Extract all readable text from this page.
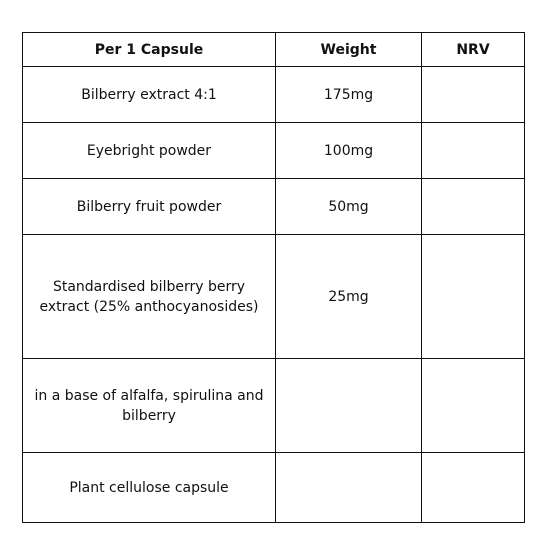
Per 1 Capsule	Weight	NRV
Bilberry extract 4:1	175mg	
Eyebright powder	100mg	
Bilberry fruit powder	50mg	
Standardised bilberry berry extract (25% anthocyanosides)	25mg	
in a base of alfalfa, spirulina and bilberry		
Plant cellulose capsule		
